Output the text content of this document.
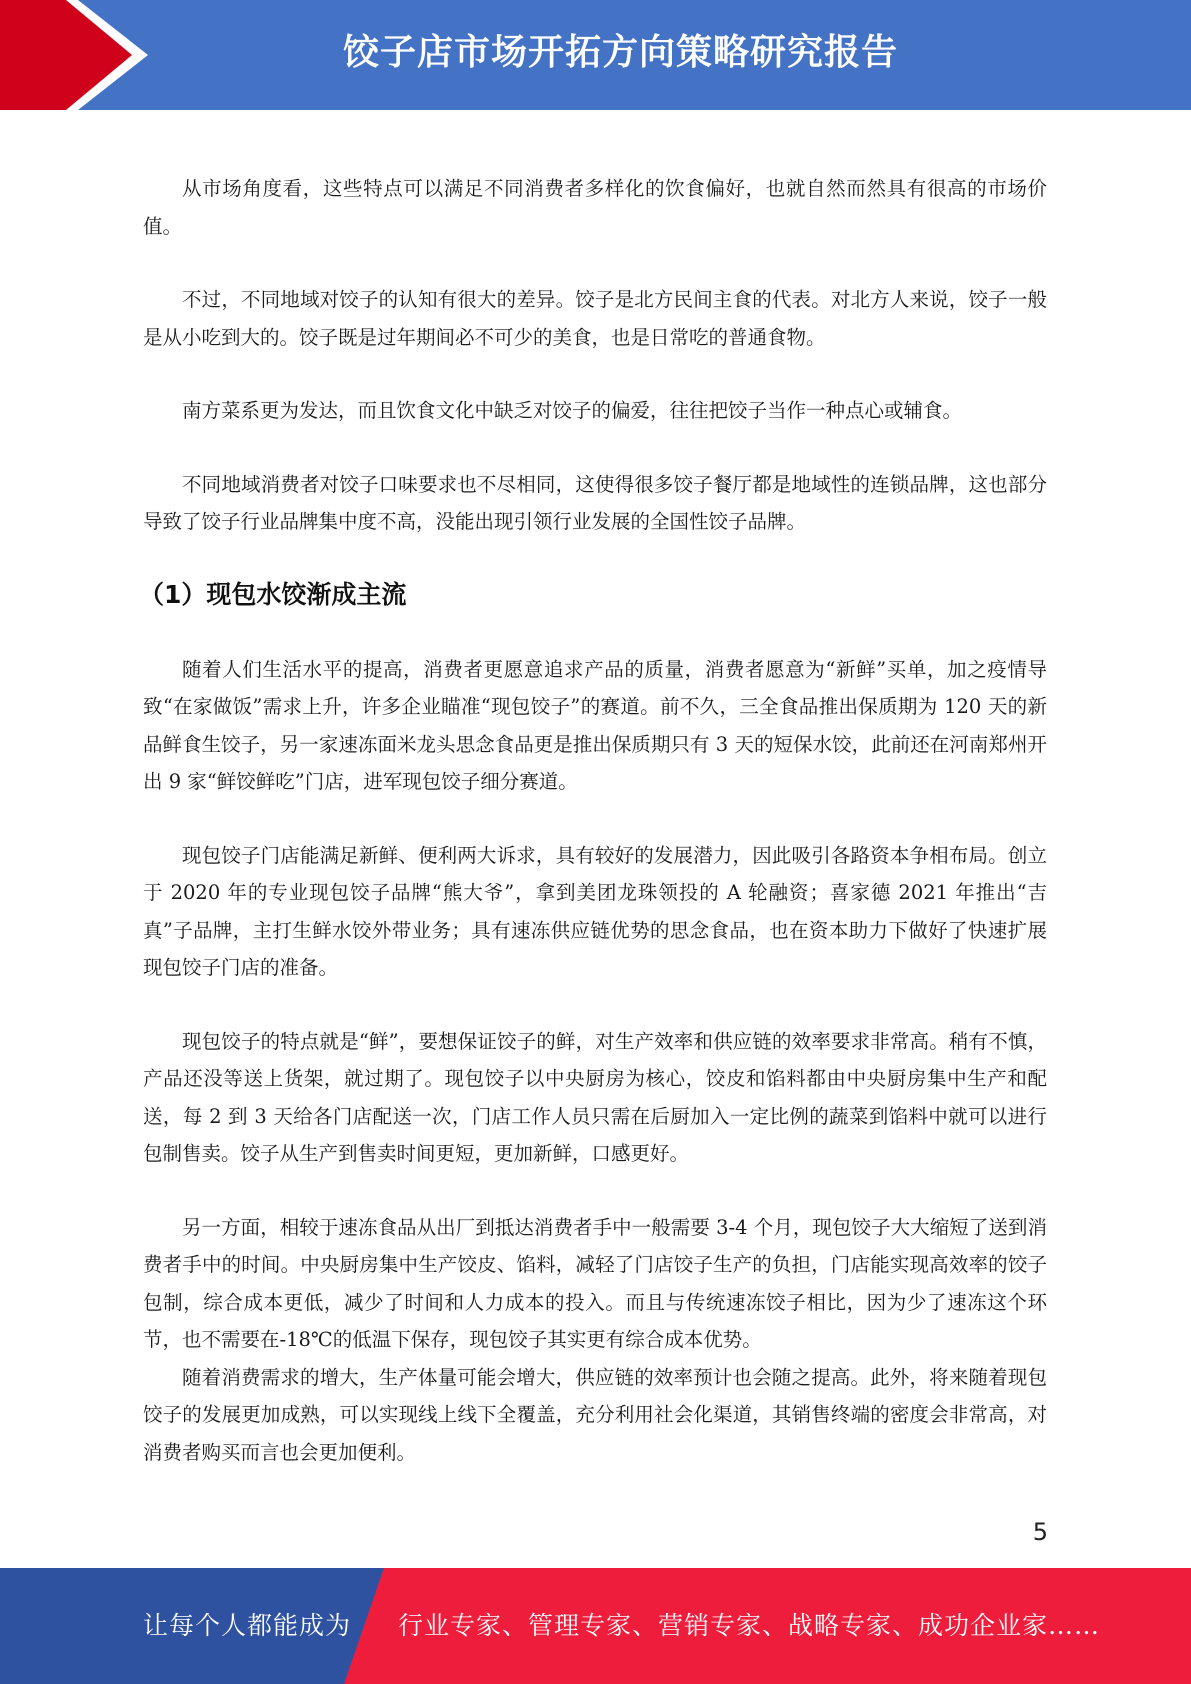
饺子店市场开拓方向策略研究报告

从市场角度看，这些特点可以满足不同消费者多样化的饮食偏好，也就自然而然具有很高的市场价值。

不过，不同地域对饺子的认知有很大的差异。饺子是北方民间主食的代表。对北方人来说，饺子一般是从小吃到大的。饺子既是过年期间必不可少的美食，也是日常吃的普通食物。

南方菜系更为发达，而且饮食文化中缺乏对饺子的偏爱，往往把饺子当作一种点心或辅食。

不同地域消费者对饺子口味要求也不尽相同，这使得很多饺子餐厅都是地域性的连锁品牌，这也部分导致了饺子行业品牌集中度不高，没能出现引领行业发展的全国性饺子品牌。

（1）现包水饺渐成主流

随着人们生活水平的提高，消费者更愿意追求产品的质量，消费者愿意为“新鲜”买单，加之疫情导致“在家做饭”需求上升，许多企业瞄准“现包饺子”的赛道。前不久，三全食品推出保质期为 120 天的新品鲜食生饺子，另一家速冻面米龙头思念食品更是推出保质期只有 3 天的短保水饺，此前还在河南郑州开出 9 家“鲜饺鲜吃”门店，进军现包饺子细分赛道。

现包饺子门店能满足新鲜、便利两大诉求，具有较好的发展潜力，因此吸引各路资本争相布局。创立于 2020 年的专业现包饺子品牌“熊大爷”，拿到美团龙珠领投的 A 轮融资；喜家德 2021 年推出“吉真”子品牌，主打生鲜水饺外带业务；具有速冻供应链优势的思念食品，也在资本助力下做好了快速扩展现包饺子门店的准备。

现包饺子的特点就是“鲜”，要想保证饺子的鲜，对生产效率和供应链的效率要求非常高。稍有不慎，产品还没等送上货架，就过期了。现包饺子以中央厨房为核心，饺皮和馅料都由中央厨房集中生产和配送，每 2 到 3 天给各门店配送一次，门店工作人员只需在后厨加入一定比例的蔬菜到馅料中就可以进行包制售卖。饺子从生产到售卖时间更短，更加新鲜，口感更好。

另一方面，相较于速冻食品从出厂到抵达消费者手中一般需要 3-4 个月，现包饺子大大缩短了送到消费者手中的时间。中央厨房集中生产饺皮、馅料，减轻了门店饺子生产的负担，门店能实现高效率的饺子包制，综合成本更低，减少了时间和人力成本的投入。而且与传统速冻饺子相比，因为少了速冻这个环节，也不需要在-18℃的低温下保存，现包饺子其实更有综合成本优势。

随着消费需求的增大，生产体量可能会增大，供应链的效率预计也会随之提高。此外，将来随着现包饺子的发展更加成熟，可以实现线上线下全覆盖，充分利用社会化渠道，其销售终端的密度会非常高，对消费者购买而言也会更加便利。

5
让每个人都能成为 行业专家、管理专家、营销专家、战略专家、成功企业家……
